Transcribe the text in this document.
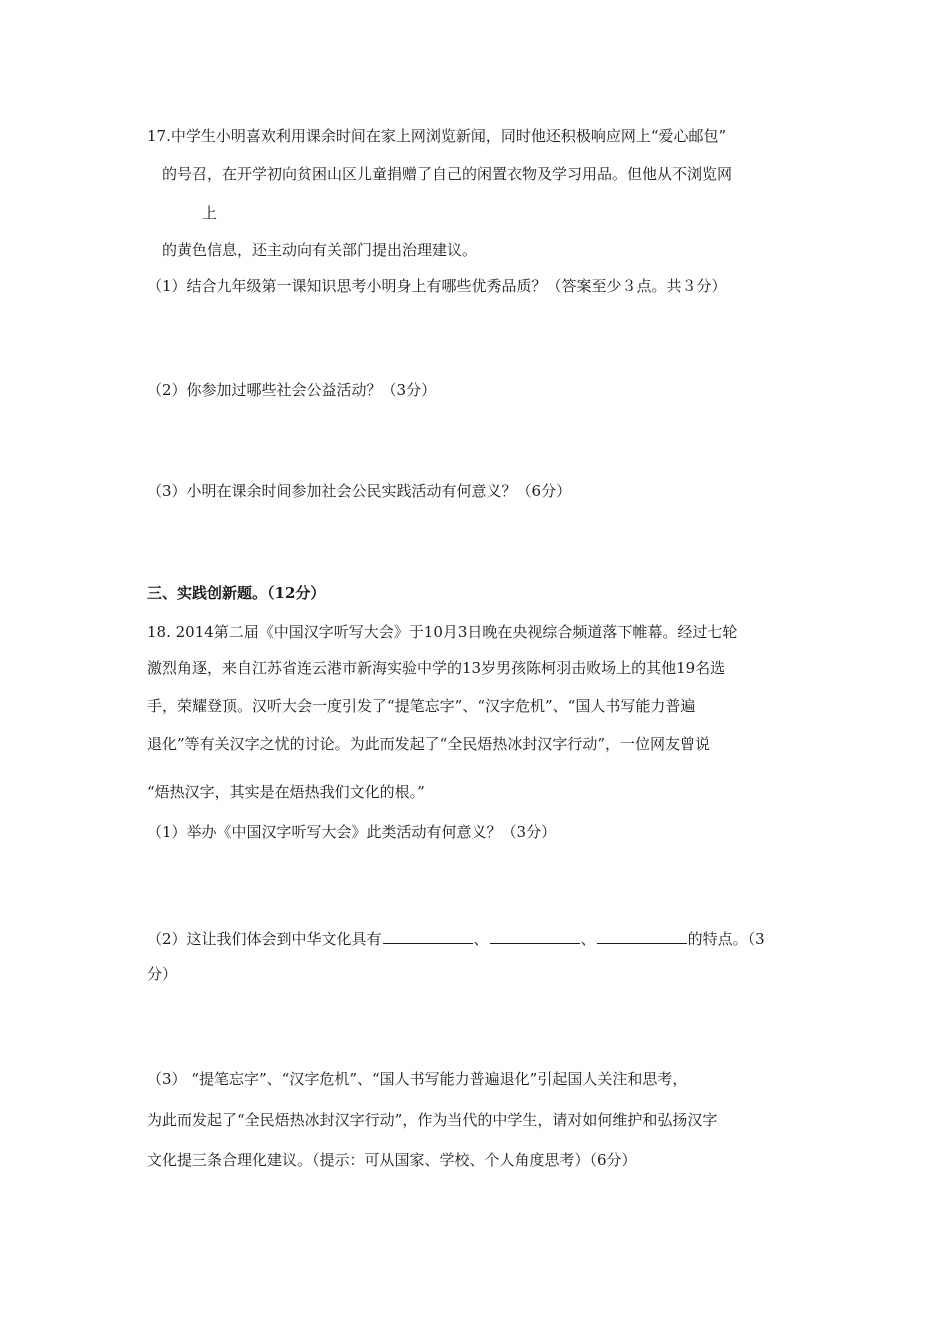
17.中学生小明喜欢利用课余时间在家上网浏览新闻，同时他还积极响应网上“爱心邮包”
的号召，在开学初向贫困山区儿童捐赠了自己的闲置衣物及学习用品。但他从不浏览网
上
的黄色信息，还主动向有关部门提出治理建议。
（1）结合九年级第一课知识思考小明身上有哪些优秀品质？（答案至少３点。共３分）
（2）你参加过哪些社会公益活动？（3分）
（3）小明在课余时间参加社会公民实践活动有何意义？（6分）
三、实践创新题。（12分）
18. 2014第二届《中国汉字听写大会》于10月3日晚在央视综合频道落下帷幕。经过七轮
激烈角逐，来自江苏省连云港市新海实验中学的13岁男孩陈柯羽击败场上的其他19名选
手，荣耀登顶。汉听大会一度引发了“提笔忘字”、“汉字危机”、“国人书写能力普遍
退化”等有关汉字之忧的讨论。为此而发起了“全民焐热冰封汉字行动”，一位网友曾说
“焐热汉字，其实是在焐热我们文化的根。”
（1）举办《中国汉字听写大会》此类活动有何意义？（3分）
（2）这让我们体会到中华文化具有	、	、	的特点。（3
分）
（3） “提笔忘字”、“汉字危机”、“国人书写能力普遍退化”引起国人关注和思考，
为此而发起了“全民焐热冰封汉字行动”，作为当代的中学生，请对如何维护和弘扬汉字
文化提三条合理化建议。（提示：可从国家、学校、个人角度思考）（6分）
